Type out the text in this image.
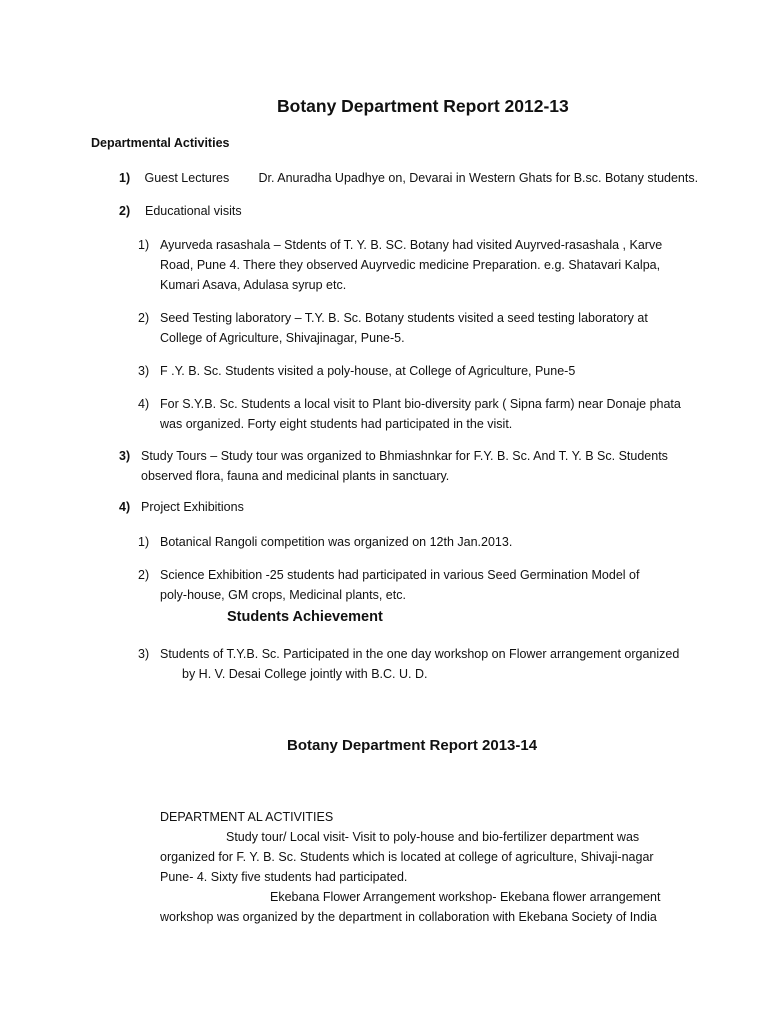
Botany Department Report 2012-13
Departmental Activities
1) Guest Lectures Dr. Anuradha Upadhye on, Devarai in Western Ghats for B.sc. Botany students.
2) Educational visits
1) Ayurveda rasashala – Stdents of T. Y. B. SC. Botany had visited Auyrved-rasashala , Karve
Road, Pune 4. There they observed Auyrvedic medicine Preparation. e.g. Shatavari Kalpa,
Kumari Asava, Adulasa syrup etc.
2) Seed Testing laboratory – T.Y. B. Sc. Botany students visited a seed testing laboratory at
College of Agriculture, Shivajinagar, Pune-5.
3) F .Y. B. Sc. Students visited a poly-house, at College of Agriculture, Pune-5
4) For S.Y.B. Sc. Students a local visit to Plant bio-diversity park ( Sipna farm) near Donaje phata
was organized. Forty eight students had participated in the visit.
3) Study Tours – Study tour was organized to Bhmiashnkar for F.Y. B. Sc. And T. Y. B Sc. Students
observed flora, fauna and medicinal plants in sanctuary.
4) Project Exhibitions
1) Botanical Rangoli competition was organized on 12th Jan.2013.
2) Science Exhibition -25 students had participated in various Seed Germination Model of
poly-house, GM crops, Medicinal plants, etc.
Students Achievement
3) Students of T.Y.B. Sc. Participated in the one day workshop on Flower arrangement organized
by H. V. Desai College jointly with B.C. U. D.
Botany Department Report 2013-14
DEPARTMENT AL ACTIVITIES
Study tour/ Local visit- Visit to poly-house and bio-fertilizer department was
organized for F. Y. B. Sc. Students which is located at college of agriculture, Shivaji-nagar
Pune- 4. Sixty five students had participated.
Ekebana Flower Arrangement workshop- Ekebana flower arrangement
workshop was organized by the department in collaboration with Ekebana Society of India
